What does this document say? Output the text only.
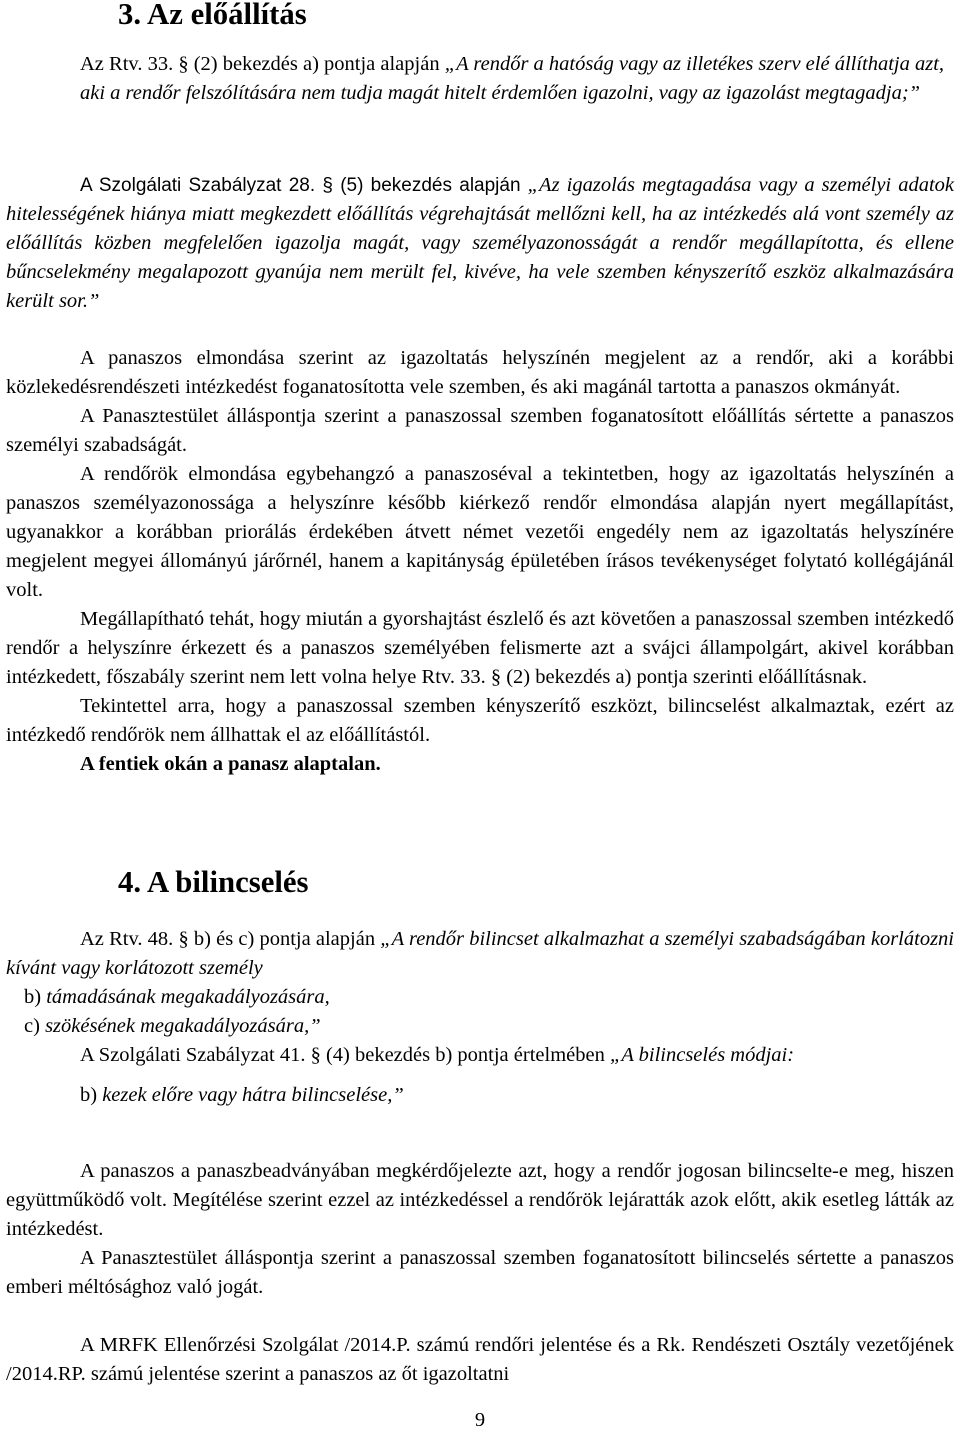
3. Az előállítás

Az Rtv. 33. § (2) bekezdés a) pontja alapján „A rendőr a hatóság vagy az illetékes szerv elé állíthatja azt,

aki a rendőr felszólítására nem tudja magát hitelt érdemlően igazolni, vagy az igazolást megtagadja;”

A Szolgálati Szabályzat 28. § (5) bekezdés alapján „Az igazolás megtagadása vagy a személyi adatok hitelességének hiánya miatt megkezdett előállítás végrehajtását mellőzni kell, ha az intézkedés alá vont személy az előállítás közben megfelelően igazolja magát, vagy személyazonosságát a rendőr megállapította, és ellene bűncselekmény megalapozott gyanúja nem merült fel, kivéve, ha vele szemben kényszerítő eszköz alkalmazására került sor.”

A panaszos elmondása szerint az igazoltatás helyszínén megjelent az a rendőr, aki a korábbi közlekedésrendészeti intézkedést foganatosította vele szemben, és aki magánál tartotta a panaszos okmányát.

A Panasztestület álláspontja szerint a panaszossal szemben foganatosított előállítás sértette a panaszos személyi szabadságát.

A rendőrök elmondása egybehangzó a panaszoséval a tekintetben, hogy az igazoltatás helyszínén a panaszos személyazonossága a helyszínre később kiérkező rendőr elmondása alapján nyert megállapítást, ugyanakkor a korábban priorálás érdekében átvett német vezetői engedély nem az igazoltatás helyszínére megjelent megyei állományú járőrnél, hanem a kapitányság épületében írásos tevékenységet folytató kollégájánál volt.

Megállapítható tehát, hogy miután a gyorshajtást észlelő és azt követően a panaszossal szemben intézkedő rendőr a helyszínre érkezett és a panaszos személyében felismerte azt a svájci állampolgárt, akivel korábban intézkedett, főszabály szerint nem lett volna helye Rtv. 33. § (2) bekezdés a) pontja szerinti előállításnak.

Tekintettel arra, hogy a panaszossal szemben kényszerítő eszközt, bilincselést alkalmaztak, ezért az intézkedő rendőrök nem állhattak el az előállítástól.

A fentiek okán a panasz alaptalan.

4. A bilincselés

Az Rtv. 48. § b) és c) pontja alapján „A rendőr bilincset alkalmazhat a személyi szabadságában korlátozni kívánt vagy korlátozott személy

b) támadásának megakadályozására,

c) szökésének megakadályozására,”

A Szolgálati Szabályzat 41. § (4) bekezdés b) pontja értelmében „A bilincselés módjai:

b) kezek előre vagy hátra bilincselése,”

A panaszos a panaszbeadványában megkérdőjelezte azt, hogy a rendőr jogosan bilincselte-e meg, hiszen együttműködő volt. Megítélése szerint ezzel az intézkedéssel a rendőrök lejáratták azok előtt, akik esetleg látták az intézkedést.

A Panasztestület álláspontja szerint a panaszossal szemben foganatosított bilincselés sértette a panaszos emberi méltósághoz való jogát.

A MRFK Ellenőrzési Szolgálat /2014.P. számú rendőri jelentése és a Rk. Rendészeti Osztály vezetőjének /2014.RP. számú jelentése szerint a panaszos az őt igazoltatni

9
